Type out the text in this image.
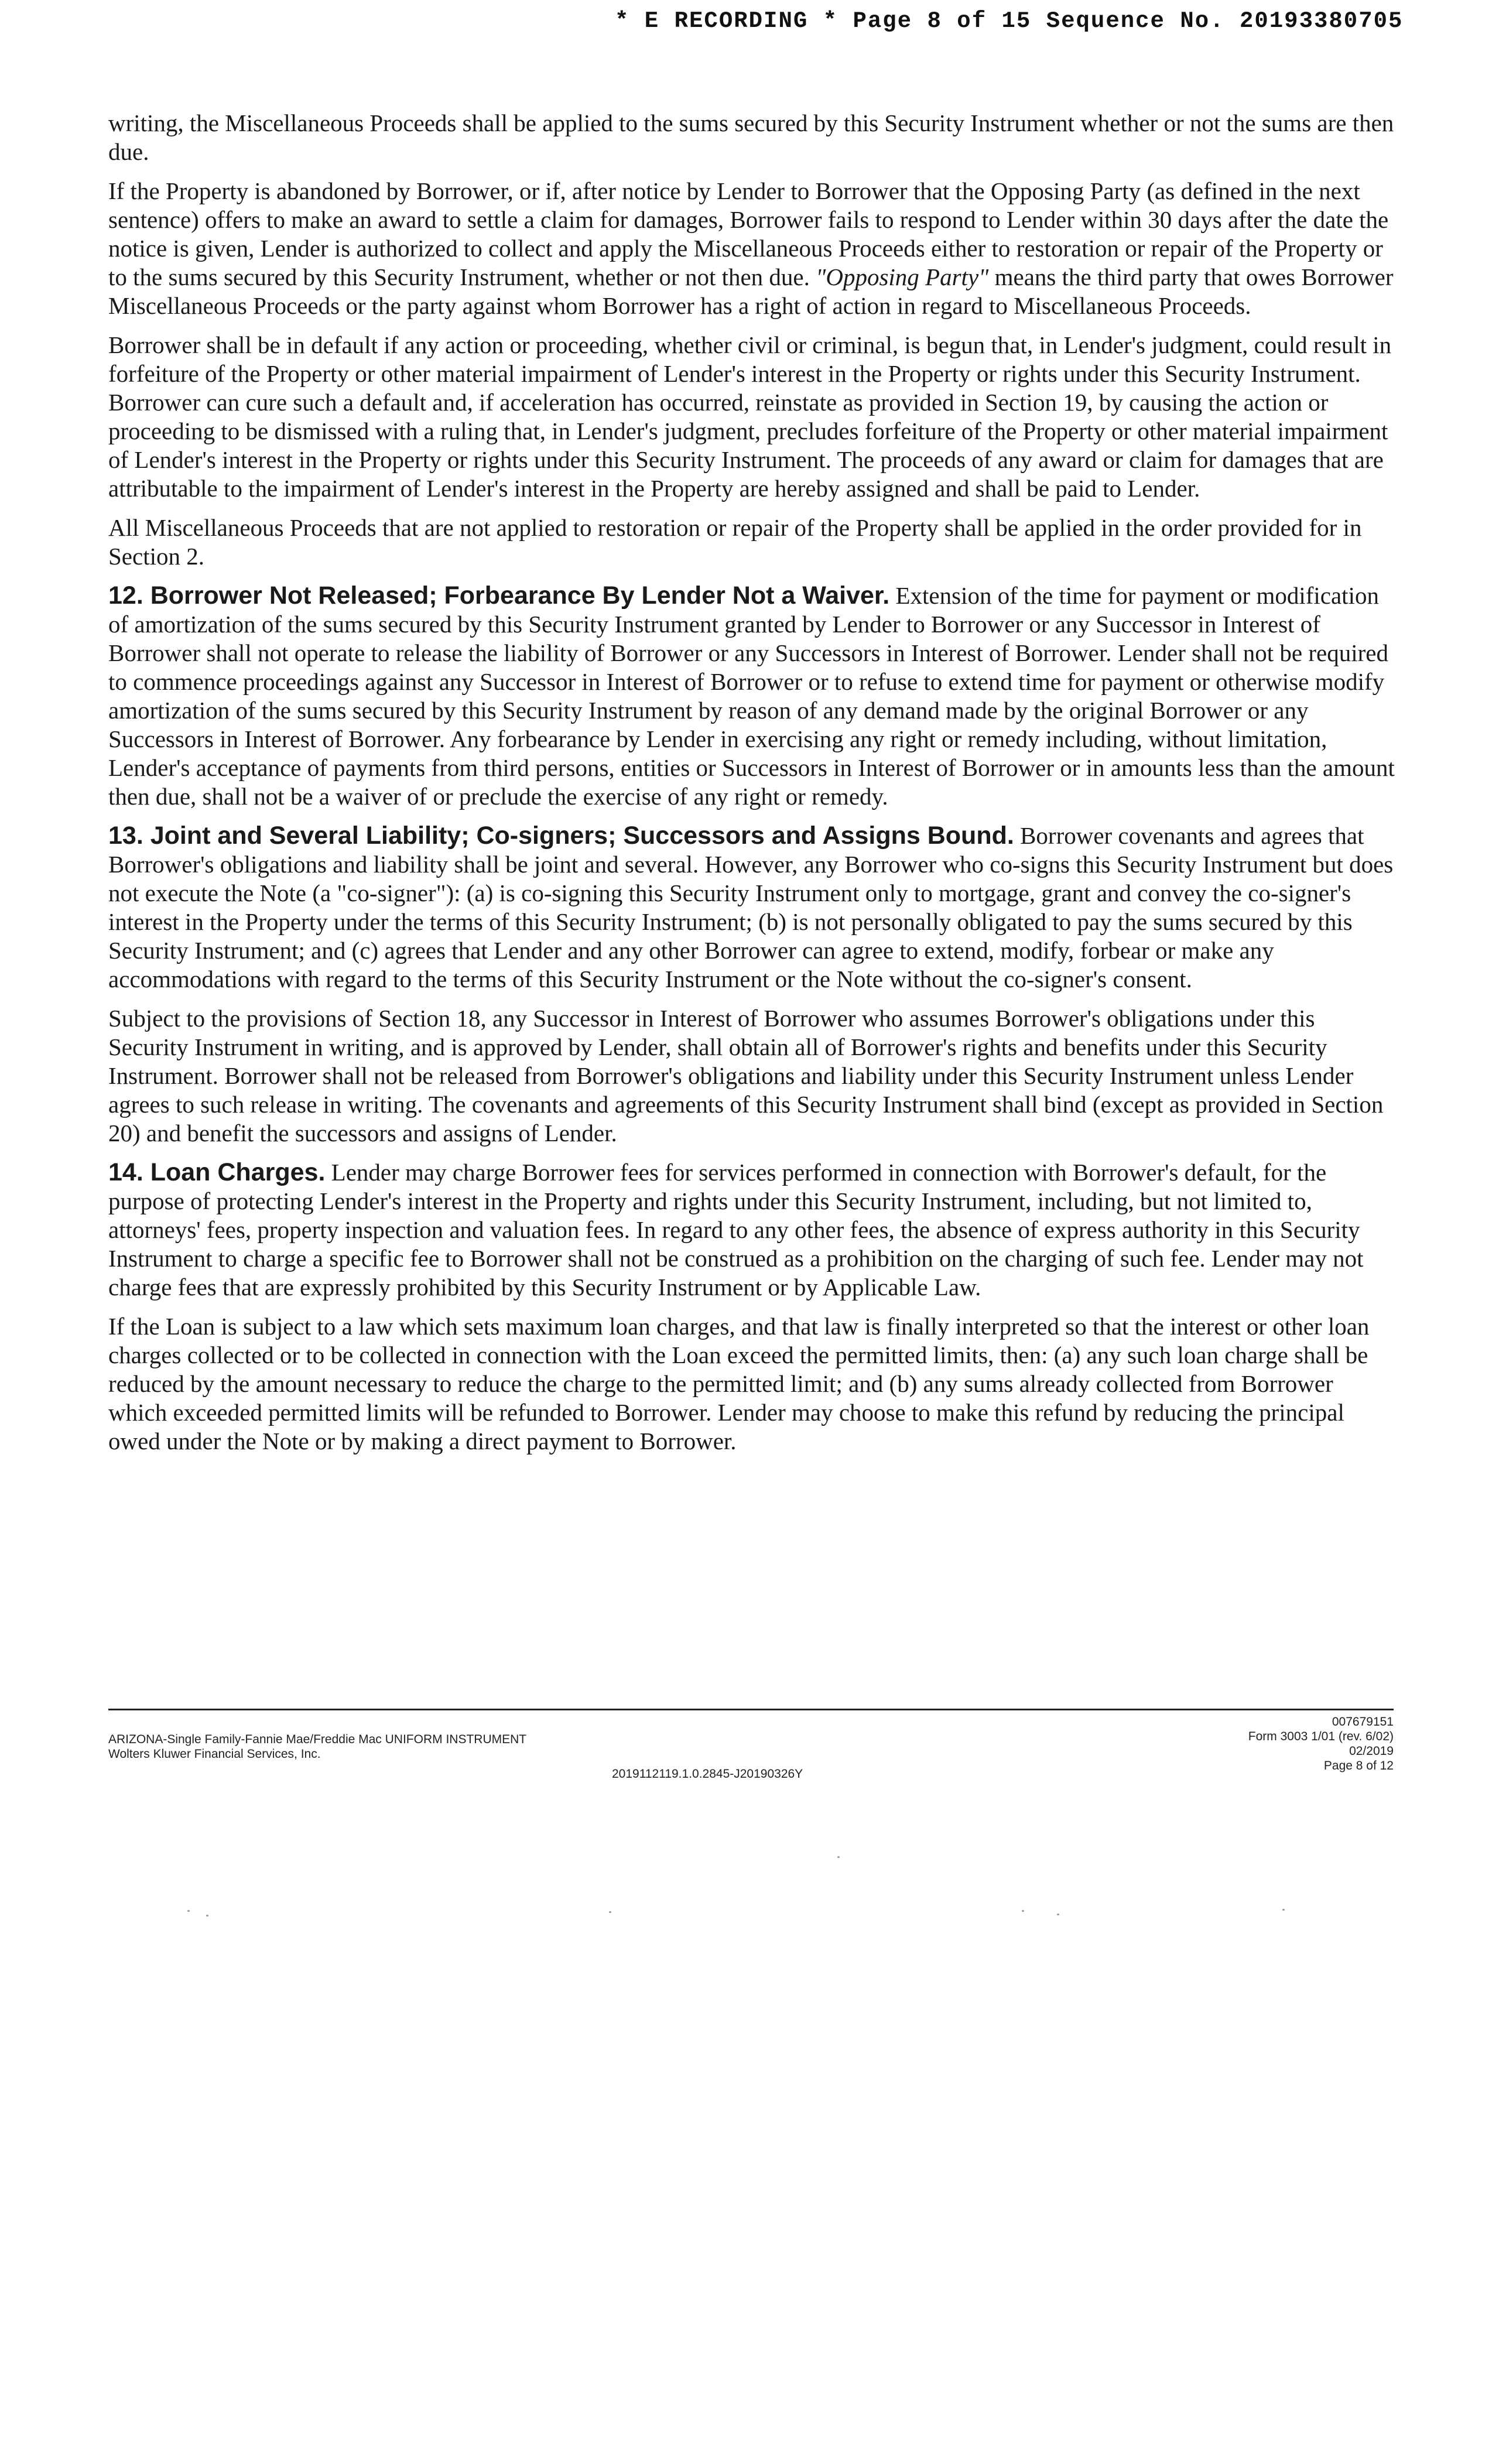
* E RECORDING * Page 8 of 15 Sequence No. 20193380705

writing, the Miscellaneous Proceeds shall be applied to the sums secured by this Security Instrument whether or not the sums are then due.

If the Property is abandoned by Borrower, or if, after notice by Lender to Borrower that the Opposing Party (as defined in the next sentence) offers to make an award to settle a claim for damages, Borrower fails to respond to Lender within 30 days after the date the notice is given, Lender is authorized to collect and apply the Miscellaneous Proceeds either to restoration or repair of the Property or to the sums secured by this Security Instrument, whether or not then due. "Opposing Party" means the third party that owes Borrower Miscellaneous Proceeds or the party against whom Borrower has a right of action in regard to Miscellaneous Proceeds.

Borrower shall be in default if any action or proceeding, whether civil or criminal, is begun that, in Lender's judgment, could result in forfeiture of the Property or other material impairment of Lender's interest in the Property or rights under this Security Instrument. Borrower can cure such a default and, if acceleration has occurred, reinstate as provided in Section 19, by causing the action or proceeding to be dismissed with a ruling that, in Lender's judgment, precludes forfeiture of the Property or other material impairment of Lender's interest in the Property or rights under this Security Instrument. The proceeds of any award or claim for damages that are attributable to the impairment of Lender's interest in the Property are hereby assigned and shall be paid to Lender.

All Miscellaneous Proceeds that are not applied to restoration or repair of the Property shall be applied in the order provided for in Section 2.

12. Borrower Not Released; Forbearance By Lender Not a Waiver. Extension of the time for payment or modification of amortization of the sums secured by this Security Instrument granted by Lender to Borrower or any Successor in Interest of Borrower shall not operate to release the liability of Borrower or any Successors in Interest of Borrower. Lender shall not be required to commence proceedings against any Successor in Interest of Borrower or to refuse to extend time for payment or otherwise modify amortization of the sums secured by this Security Instrument by reason of any demand made by the original Borrower or any Successors in Interest of Borrower. Any forbearance by Lender in exercising any right or remedy including, without limitation, Lender's acceptance of payments from third persons, entities or Successors in Interest of Borrower or in amounts less than the amount then due, shall not be a waiver of or preclude the exercise of any right or remedy.

13. Joint and Several Liability; Co-signers; Successors and Assigns Bound. Borrower covenants and agrees that Borrower's obligations and liability shall be joint and several. However, any Borrower who co-signs this Security Instrument but does not execute the Note (a "co-signer"): (a) is co-signing this Security Instrument only to mortgage, grant and convey the co-signer's interest in the Property under the terms of this Security Instrument; (b) is not personally obligated to pay the sums secured by this Security Instrument; and (c) agrees that Lender and any other Borrower can agree to extend, modify, forbear or make any accommodations with regard to the terms of this Security Instrument or the Note without the co-signer's consent.

Subject to the provisions of Section 18, any Successor in Interest of Borrower who assumes Borrower's obligations under this Security Instrument in writing, and is approved by Lender, shall obtain all of Borrower's rights and benefits under this Security Instrument. Borrower shall not be released from Borrower's obligations and liability under this Security Instrument unless Lender agrees to such release in writing. The covenants and agreements of this Security Instrument shall bind (except as provided in Section 20) and benefit the successors and assigns of Lender.

14. Loan Charges. Lender may charge Borrower fees for services performed in connection with Borrower's default, for the purpose of protecting Lender's interest in the Property and rights under this Security Instrument, including, but not limited to, attorneys' fees, property inspection and valuation fees. In regard to any other fees, the absence of express authority in this Security Instrument to charge a specific fee to Borrower shall not be construed as a prohibition on the charging of such fee. Lender may not charge fees that are expressly prohibited by this Security Instrument or by Applicable Law.

If the Loan is subject to a law which sets maximum loan charges, and that law is finally interpreted so that the interest or other loan charges collected or to be collected in connection with the Loan exceed the permitted limits, then: (a) any such loan charge shall be reduced by the amount necessary to reduce the charge to the permitted limit; and (b) any sums already collected from Borrower which exceeded permitted limits will be refunded to Borrower. Lender may choose to make this refund by reducing the principal owed under the Note or by making a direct payment to Borrower.

ARIZONA-Single Family-Fannie Mae/Freddie Mac UNIFORM INSTRUMENT
Wolters Kluwer Financial Services, Inc.
2019112119.1.0.2845-J20190326Y
007679151
Form 3003 1/01 (rev. 6/02)
02/2019
Page 8 of 12
